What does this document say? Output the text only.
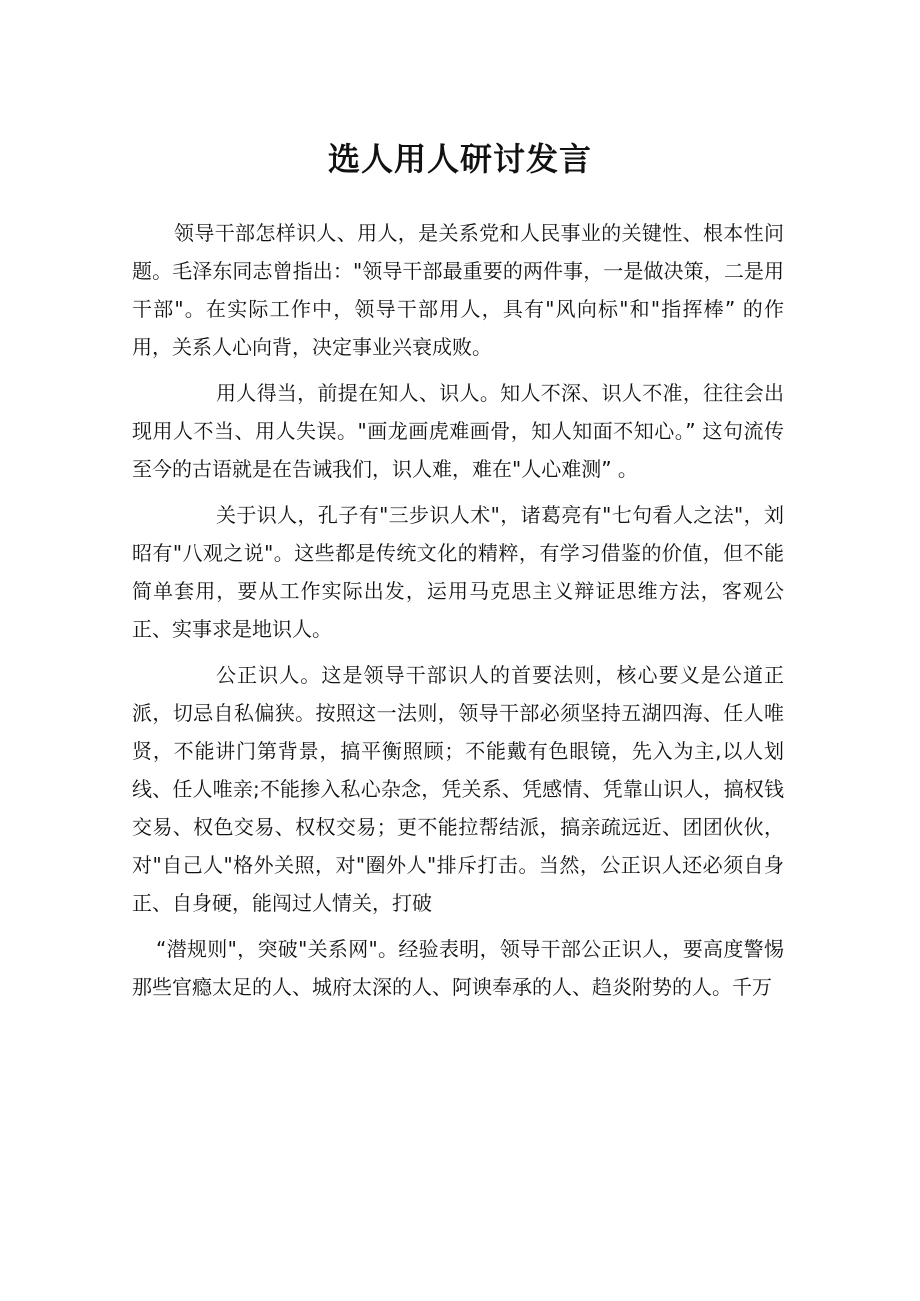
选人用人研讨发言

领导干部怎样识人、用人，是关系党和人民事业的关键性、根本性问题。毛泽东同志曾指出："领导干部最重要的两件事，一是做决策，二是用干部"。在实际工作中，领导干部用人，具有"风向标"和"指挥棒” 的作用，关系人心向背，决定事业兴衰成败。

用人得当，前提在知人、识人。知人不深、识人不准，往往会出现用人不当、用人失误。"画龙画虎难画骨，知人知面不知心。” 这句流传至今的古语就是在告诫我们，识人难，难在"人心难测” 。

关于识人，孔子有"三步识人术"，诸葛亮有"七句看人之法"，刘昭有"八观之说"。这些都是传统文化的精粹，有学习借鉴的价值，但不能简单套用，要从工作实际出发，运用马克思主义辩证思维方法，客观公正、实事求是地识人。

公正识人。这是领导干部识人的首要法则，核心要义是公道正派，切忌自私偏狭。按照这一法则，领导干部必须坚持五湖四海、任人唯贤，不能讲门第背景，搞平衡照顾；不能戴有色眼镜，先入为主,以人划线、任人唯亲;不能掺入私心杂念，凭关系、凭感情、凭靠山识人，搞权钱交易、权色交易、权权交易；更不能拉帮结派，搞亲疏远近、团团伙伙，对"自己人"格外关照，对"圈外人"排斥打击。当然，公正识人还必须自身正、自身硬，能闯过人情关，打破

“潜规则"，突破"关系网"。经验表明，领导干部公正识人，要高度警惕那些官瘾太足的人、城府太深的人、阿谀奉承的人、趋炎附势的人。千万
